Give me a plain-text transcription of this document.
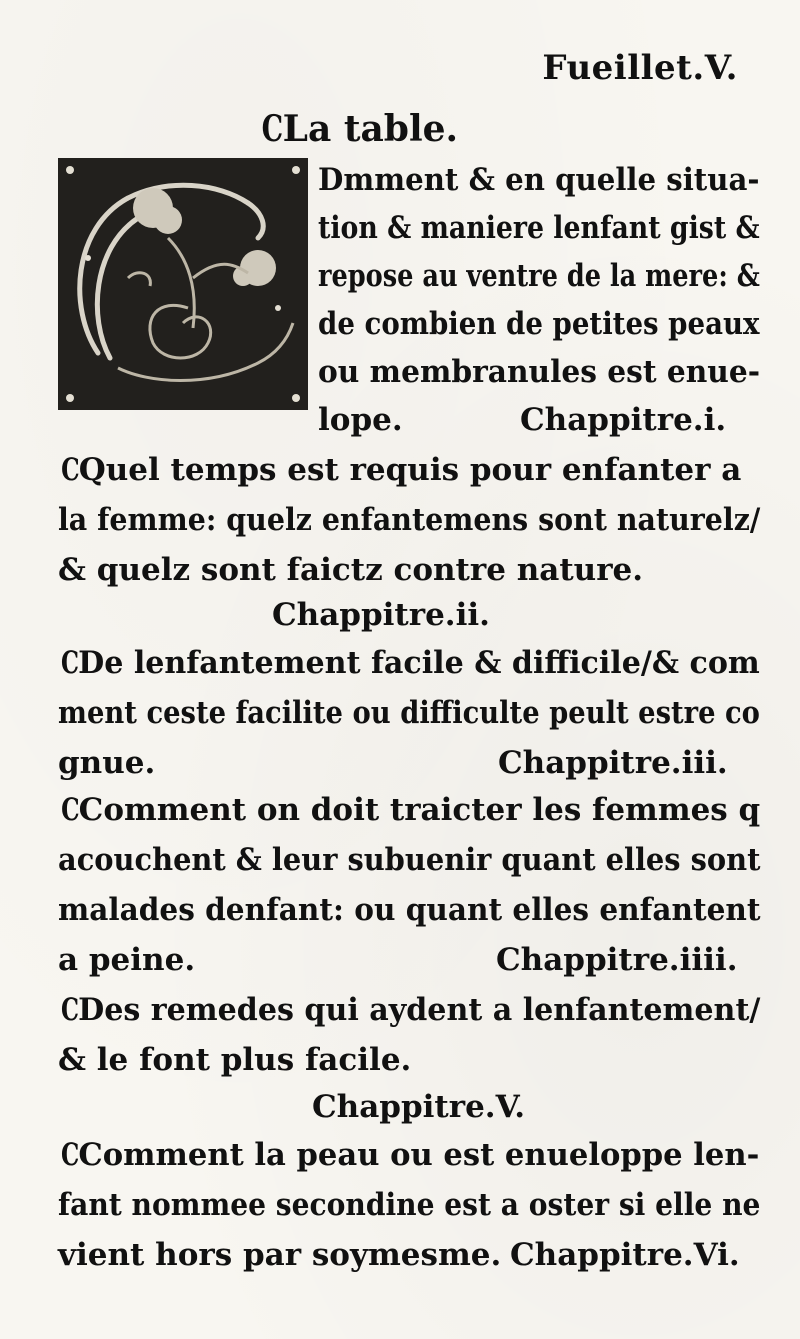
Fueillet.V.
CLa table.
Dmment & en quelle situa-
tion & maniere lenfant gist &
repose au ventre de la mere: &
de combien de petites peaux
ou membranules est enue-
lope.	Chappitre.i.
CQuel temps est requis pour enfanter a
la femme: quelz enfantemens sont naturelz/
& quelz sont faictz contre nature.
Chappitre.ii.
CDe lenfantement facile & difficile/& com
ment ceste facilite ou difficulte peult estre co
gnue.	Chappitre.iii.
CComment on doit traicter les femmes q
acouchent & leur subuenir quant elles sont
malades denfant: ou quant elles enfantent
a peine.	Chappitre.iiii.
CDes remedes qui aydent a lenfantement/
& le font plus facile.
Chappitre.V.
CComment la peau ou est enueloppe len-
fant nommee secondine est a oster si elle ne
vient hors par soymesme. Chappitre.Vi.
